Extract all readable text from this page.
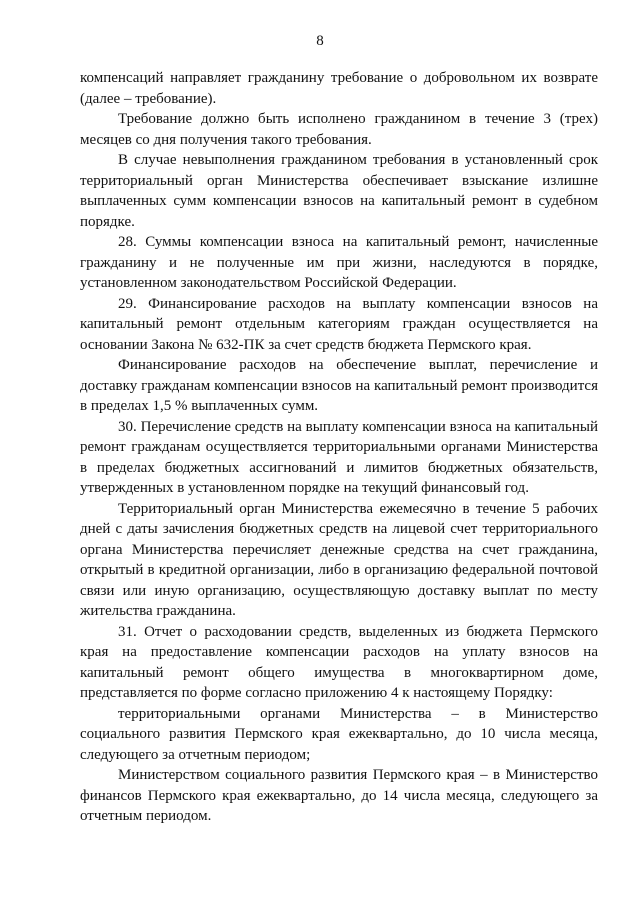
8

компенсаций направляет гражданину требование о добровольном их возврате (далее – требование).

Требование должно быть исполнено гражданином в течение 3 (трех) месяцев со дня получения такого требования.

В случае невыполнения гражданином требования в установленный срок территориальный орган Министерства обеспечивает взыскание излишне выплаченных сумм компенсации взносов на капитальный ремонт в судебном порядке.

28. Суммы компенсации взноса на капитальный ремонт, начисленные гражданину и не полученные им при жизни, наследуются в порядке, установленном законодательством Российской Федерации.

29. Финансирование расходов на выплату компенсации взносов на капитальный ремонт отдельным категориям граждан осуществляется на основании Закона № 632-ПК за счет средств бюджета Пермского края.

Финансирование расходов на обеспечение выплат, перечисление и доставку гражданам компенсации взносов на капитальный ремонт производится в пределах 1,5 % выплаченных сумм.

30. Перечисление средств на выплату компенсации взноса на капитальный ремонт гражданам осуществляется территориальными органами Министерства в пределах бюджетных ассигнований и лимитов бюджетных обязательств, утвержденных в установленном порядке на текущий финансовый год.

Территориальный орган Министерства ежемесячно в течение 5 рабочих дней с даты зачисления бюджетных средств на лицевой счет территориального органа Министерства перечисляет денежные средства на счет гражданина, открытый в кредитной организации, либо в организацию федеральной почтовой связи или иную организацию, осуществляющую доставку выплат по месту жительства гражданина.

31. Отчет о расходовании средств, выделенных из бюджета Пермского края на предоставление компенсации расходов на уплату взносов на капитальный ремонт общего имущества в многоквартирном доме, представляется по форме согласно приложению 4 к настоящему Порядку:

территориальными органами Министерства – в Министерство социального развития Пермского края ежеквартально, до 10 числа месяца, следующего за отчетным периодом;

Министерством социального развития Пермского края – в Министерство финансов Пермского края ежеквартально, до 14 числа месяца, следующего за отчетным периодом.
